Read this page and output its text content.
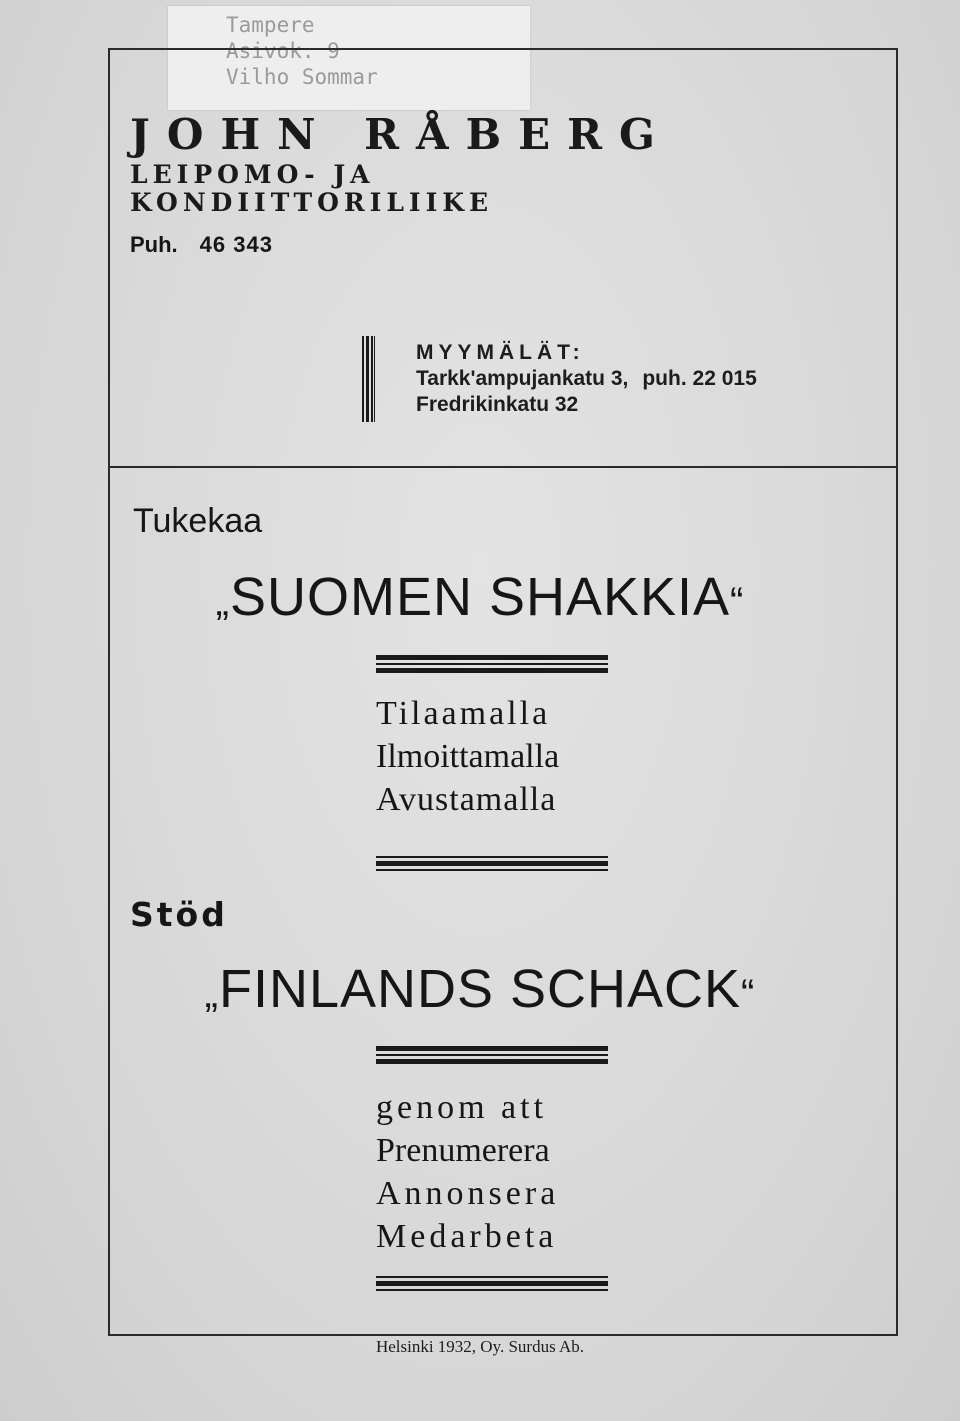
Tampere
Asivok. 9
Vilho Sommar
JOHN RÅBERG
LEIPOMO- JA
KONDIITTORILIIKE
Puh. 46 343
MYYMÄLÄT:
Tarkk'ampujankatu 3, puh. 22 015
Fredrikinkatu 32
Tukekaa
„SUOMEN SHAKKIA“
Tilaamalla
Ilmoittamalla
Avustamalla
Stöd
„FINLANDS SCHACK“
genom att
Prenumerera
Annonsera
Medarbeta
Helsinki 1932, Oy. Surdus Ab.
